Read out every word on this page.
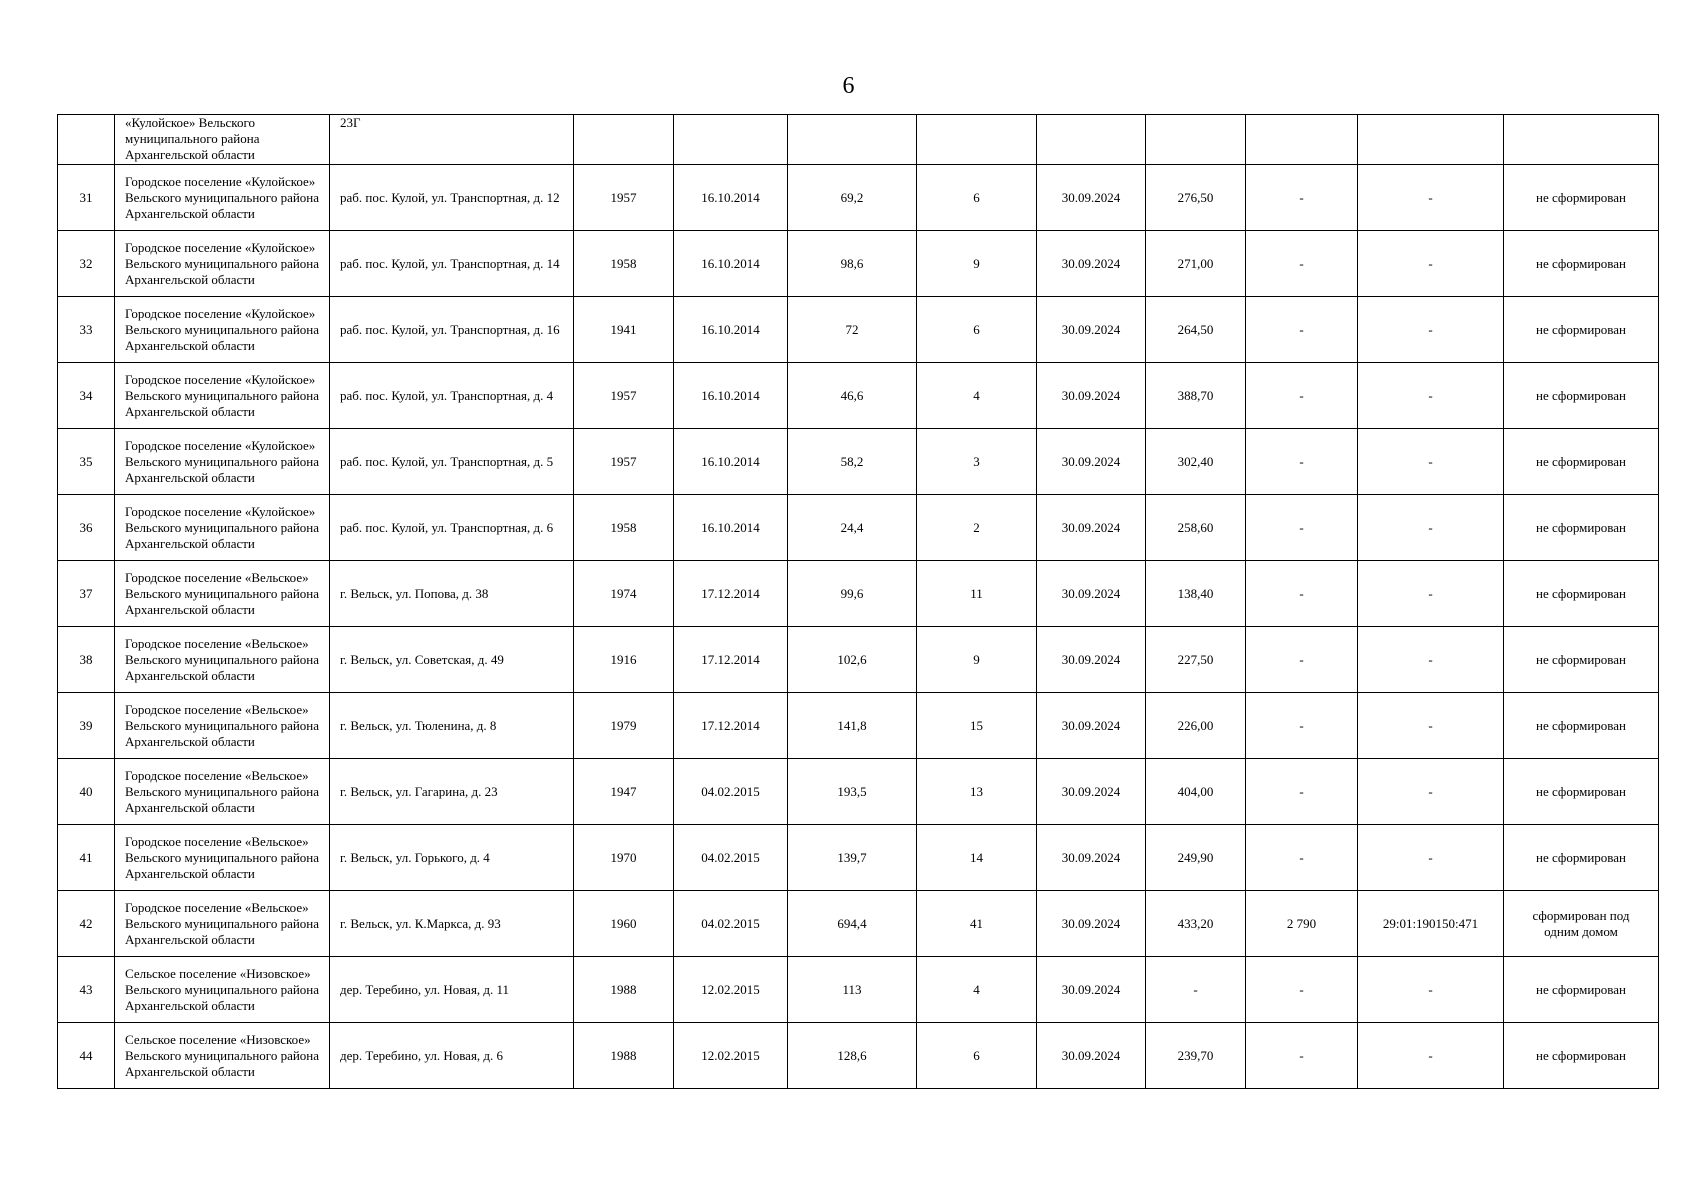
6
	«Кулойское» Вельского муниципального района Архангельской области	23Г									
31	Городское поселение «Кулойское» Вельского муниципального района Архангельской области	раб. пос. Кулой, ул. Транспортная, д. 12	1957	16.10.2014	69,2	6	30.09.2024	276,50	-	-	не сформирован
32	Городское поселение «Кулойское» Вельского муниципального района Архангельской области	раб. пос. Кулой, ул. Транспортная, д. 14	1958	16.10.2014	98,6	9	30.09.2024	271,00	-	-	не сформирован
33	Городское поселение «Кулойское» Вельского муниципального района Архангельской области	раб. пос. Кулой, ул. Транспортная, д. 16	1941	16.10.2014	72	6	30.09.2024	264,50	-	-	не сформирован
34	Городское поселение «Кулойское» Вельского муниципального района Архангельской области	раб. пос. Кулой, ул. Транспортная, д. 4	1957	16.10.2014	46,6	4	30.09.2024	388,70	-	-	не сформирован
35	Городское поселение «Кулойское» Вельского муниципального района Архангельской области	раб. пос. Кулой, ул. Транспортная, д. 5	1957	16.10.2014	58,2	3	30.09.2024	302,40	-	-	не сформирован
36	Городское поселение «Кулойское» Вельского муниципального района Архангельской области	раб. пос. Кулой, ул. Транспортная, д. 6	1958	16.10.2014	24,4	2	30.09.2024	258,60	-	-	не сформирован
37	Городское поселение «Вельское» Вельского муниципального района Архангельской области	г. Вельск, ул. Попова, д. 38	1974	17.12.2014	99,6	11	30.09.2024	138,40	-	-	не сформирован
38	Городское поселение «Вельское» Вельского муниципального района Архангельской области	г. Вельск, ул. Советская, д. 49	1916	17.12.2014	102,6	9	30.09.2024	227,50	-	-	не сформирован
39	Городское поселение «Вельское» Вельского муниципального района Архангельской области	г. Вельск, ул. Тюленина, д. 8	1979	17.12.2014	141,8	15	30.09.2024	226,00	-	-	не сформирован
40	Городское поселение «Вельское» Вельского муниципального района Архангельской области	г. Вельск, ул. Гагарина, д. 23	1947	04.02.2015	193,5	13	30.09.2024	404,00	-	-	не сформирован
41	Городское поселение «Вельское» Вельского муниципального района Архангельской области	г. Вельск, ул. Горького, д. 4	1970	04.02.2015	139,7	14	30.09.2024	249,90	-	-	не сформирован
42	Городское поселение «Вельское» Вельского муниципального района Архангельской области	г. Вельск, ул. К.Маркса, д. 93	1960	04.02.2015	694,4	41	30.09.2024	433,20	2 790	29:01:190150:471	сформирован под одним домом
43	Сельское поселение «Низовское» Вельского муниципального района Архангельской области	дер. Теребино, ул. Новая, д. 11	1988	12.02.2015	113	4	30.09.2024	-	-	-	не сформирован
44	Сельское поселение «Низовское» Вельского муниципального района Архангельской области	дер. Теребино, ул. Новая, д. 6	1988	12.02.2015	128,6	6	30.09.2024	239,70	-	-	не сформирован
